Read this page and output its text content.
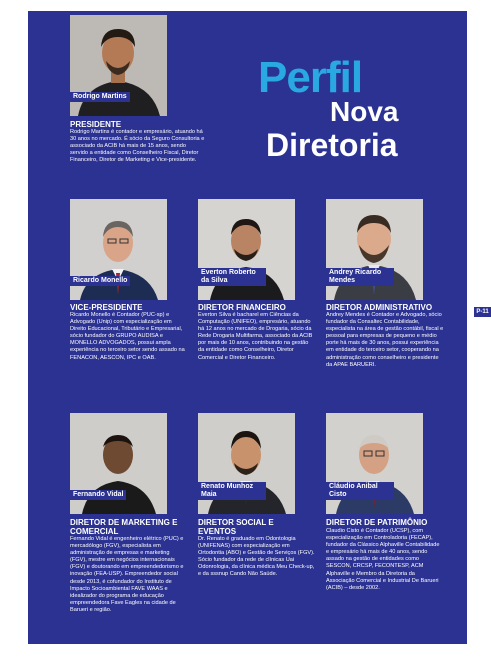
Perfil
Nova
Diretoria
Rodrigo Martins
PRESIDENTE
Rodrigo Martins é contador e empresário, atuando há 30 anos no mercado. É sócio da Seguro Consultoria e associado da ACIB há mais de 15 anos, sendo servido a entidade como Conselheiro Fiscal, Diretor Financeiro, Diretor de Marketing e Vice-presidente.
Ricardo Monello
VICE-PRESIDENTE
Ricardo Monello é Contador (PUC-sp) e Advogado (Unip) com especialização em Direito Educacional, Tributário e Empresarial, sócio fundador do GRUPO AUDISA e MONELLO ADVOGADOS, possui ampla experiência no terceiro setor sendo assado na FENACON, AESCON, IPC e OAB.
Everton Roberto da Silva
DIRETOR FINANCEIRO
Everton Silva é bacharel em Ciências da Computação (UNIFEO), empresário, atuando há 12 anos no mercado de Drogaria, sócio da Rede Drogaria Multifarma, associado da ACIB por mais de 10 anos, contribuindo na gestão da entidade como Conselheiro, Diretor Comercial e Diretor Financeiro.
Andrey Ricardo Mendes
DIRETOR ADMINISTRATIVO
Andrey Mendes é Contador e Advogado, sócio fundador da Consaltec Contabilidade, especialista na área de gestão contábil, fiscal e pessoal para empresas de pequeno e médio porte há mais de 30 anos, possui experiência em entidade do terceiro setor, cooperando na administração como conselheiro e presidente da APAE BARUERI.
Fernando Vidal
DIRETOR DE MARKETING E COMERCIAL
Fernando Vidal é engenheiro elétrico (PUC) e mercadólogo (FGV), especialista em administração de empresas e marketing (FGV), mestre em negócios internacionais (FGV) e doutorando em empreendedorismo e inovação (FEA-USP). Empreendedor social desde 2013, é cofundador do Instituto de Impacto Socioambiental FAVE WAAS e idealizador do programa de educação empreendedora Fave Eagles na cidade de Barueri e região.
Renato Munhoz Maia
DIRETOR SOCIAL E EVENTOS
Dr. Renato é graduado em Odontologia (UNIFENAS) com especialização em Ortodontia (ABO) e Gestão de Serviços (FGV). Sócio fundador da rede de clínicas Uai Odonrologia, da clínica médica Meu Check-up, e da sssnup Cando Não Saúde.
Cláudio Anibal Cisto
DIRETOR DE PATRIMÔNIO
Claudio Cisto é Contador (UCSP), com especialização em Controladoria (FECAP), fundador da Clássico Alphaville Contabilidade e empresário há mais de 40 anos, sendo assado na gestão de entidades como SESCON, CRCSP, FECONTESP, ACM Alphaville e Membro da Diretoria da Associação Comercial e Industrial De Barueri (ACIB) – desde 2002.
P-11
